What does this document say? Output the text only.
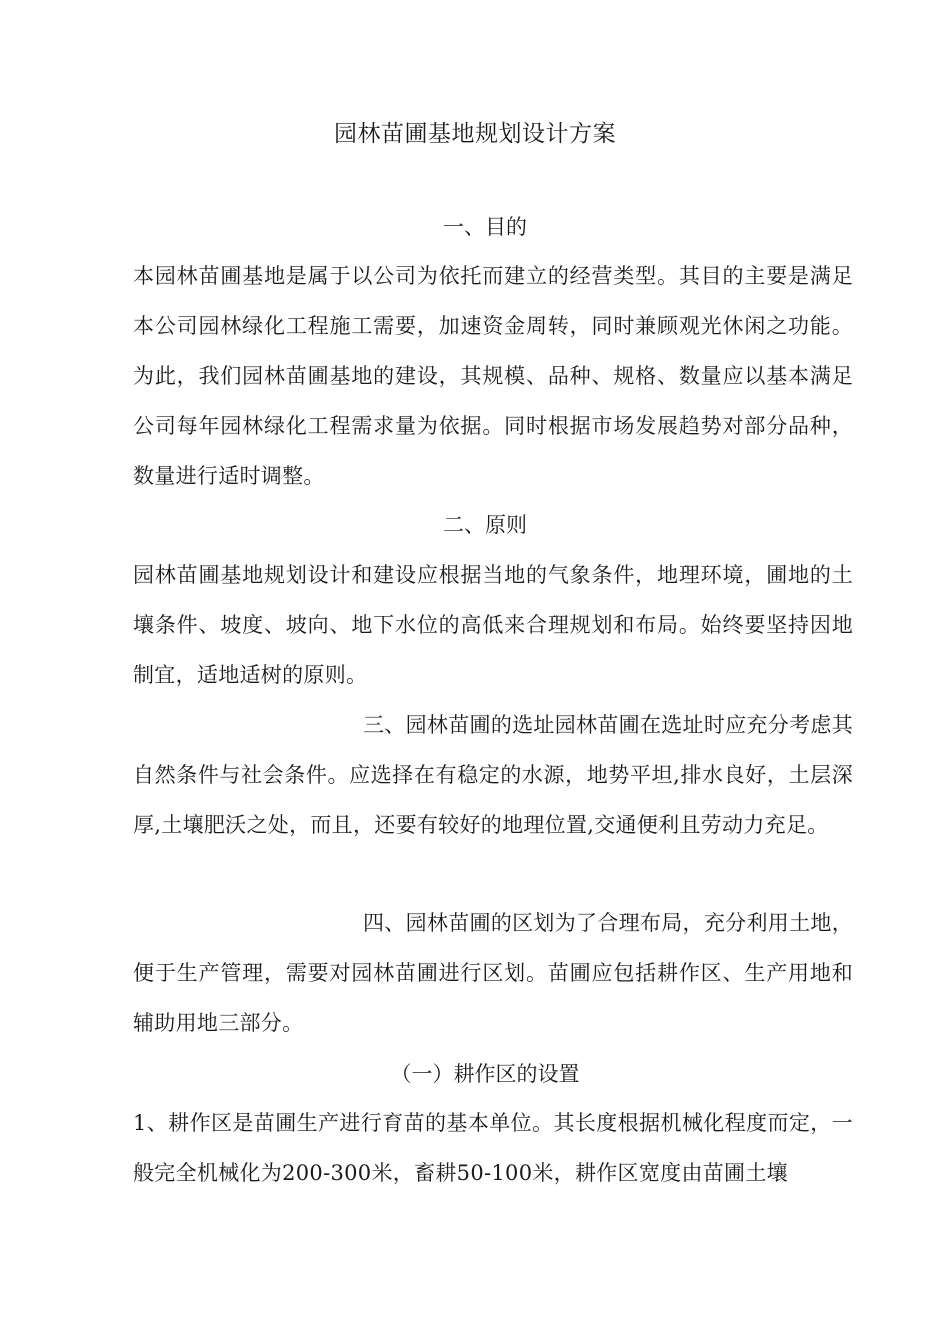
园林苗圃基地规划设计方案
一、目的
本园林苗圃基地是属于以公司为依托而建立的经营类型。其目的主要是满足本公司园林绿化工程施工需要，加速资金周转，同时兼顾观光休闲之功能。为此，我们园林苗圃基地的建设，其规模、品种、规格、数量应以基本满足公司每年园林绿化工程需求量为依据。同时根据市场发展趋势对部分品种，数量进行适时调整。
二、原则
园林苗圃基地规划设计和建设应根据当地的气象条件，地理环境，圃地的土壤条件、坡度、坡向、地下水位的高低来合理规划和布局。始终要坚持因地制宜，适地适树的原则。
三、园林苗圃的选址园林苗圃在选址时应充分考虑其自然条件与社会条件。应选择在有稳定的水源，地势平坦,排水良好，土层深厚,土壤肥沃之处，而且，还要有较好的地理位置,交通便利且劳动力充足。
四、园林苗圃的区划为了合理布局，充分利用土地，便于生产管理，需要对园林苗圃进行区划。苗圃应包括耕作区、生产用地和辅助用地三部分。
（一）耕作区的设置
1、耕作区是苗圃生产进行育苗的基本单位。其长度根据机械化程度而定，一般完全机械化为200-300米，畜耕50-100米，耕作区宽度由苗圃土壤
